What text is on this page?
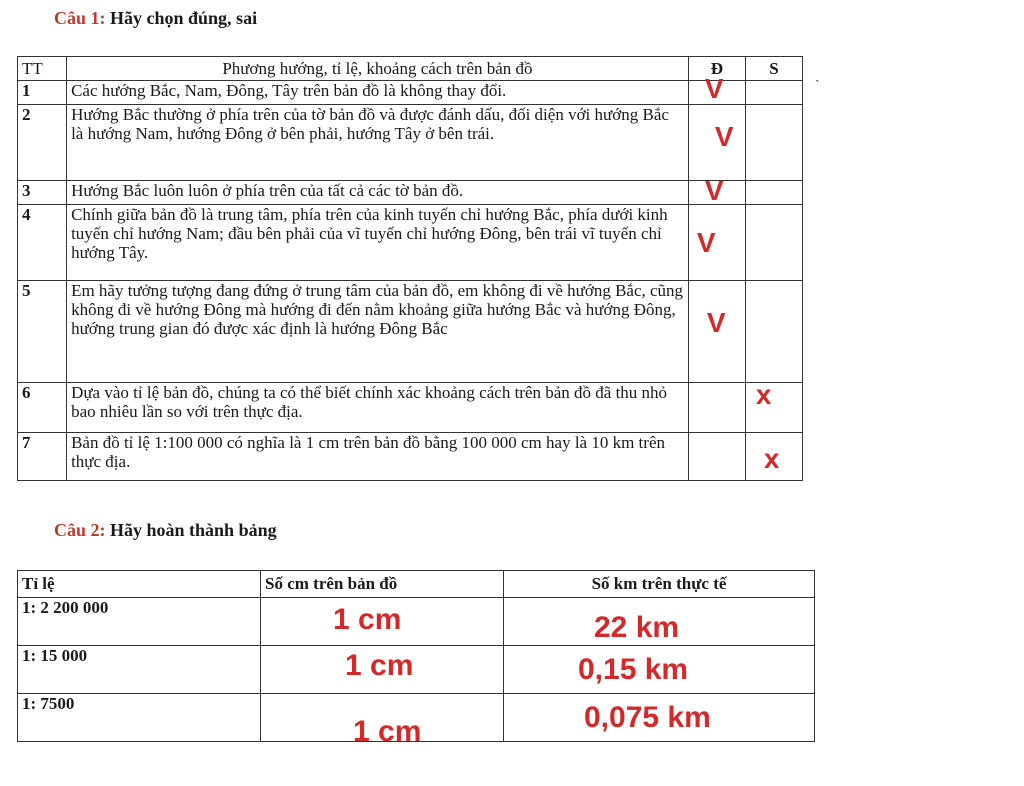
Câu 1: Hãy chọn đúng, sai
ˎ
TT	Phương hướng, tỉ lệ, khoảng cách trên bản đồ	Đ	S
1	Các hướng Bắc, Nam, Đông, Tây trên bản đồ là không thay đổi.	V	

2	Hướng Bắc thường ở phía trên của tờ bản đồ và được đánh dấu, đối diện với hướng Bắc là hướng Nam, hướng Đông ở bên phải, hướng Tây ở bên trái.	V	

3	Hướng Bắc luôn luôn ở phía trên của tất cả các tờ bản đồ.	V	

4	Chính giữa bản đồ là trung tâm, phía trên của kinh tuyến chỉ hướng Bắc, phía dưới kinh tuyến chỉ hướng Nam; đầu bên phải của vĩ tuyến chỉ hướng Đông, bên trái vĩ tuyến chỉ hướng Tây.	V	

5	Em hãy tưởng tượng đang đứng ở trung tâm của bản đồ, em không đi về hướng Bắc, cũng không đi về hướng Đông mà hướng đi đến nằm khoảng giữa hướng Bắc và hướng Đông, hướng trung gian đó được xác định là hướng Đông Bắc	V	

6	Dựa vào tỉ lệ bản đồ, chúng ta có thể biết chính xác khoảng cách trên bản đồ đã thu nhỏ bao nhiêu lần so với trên thực địa.		x

7	Bản đồ tỉ lệ 1:100 000 có nghĩa là 1 cm trên bản đồ bằng 100 000 cm hay là 10 km trên thực địa.		x
Câu 2: Hãy hoàn thành bảng
Tỉ lệ	Số cm trên bản đồ	Số km trên thực tế
1: 2 200 000	1 cm	22 km

1: 15 000	1 cm	0,15 km

1: 7500	1 cm	0,075 km
